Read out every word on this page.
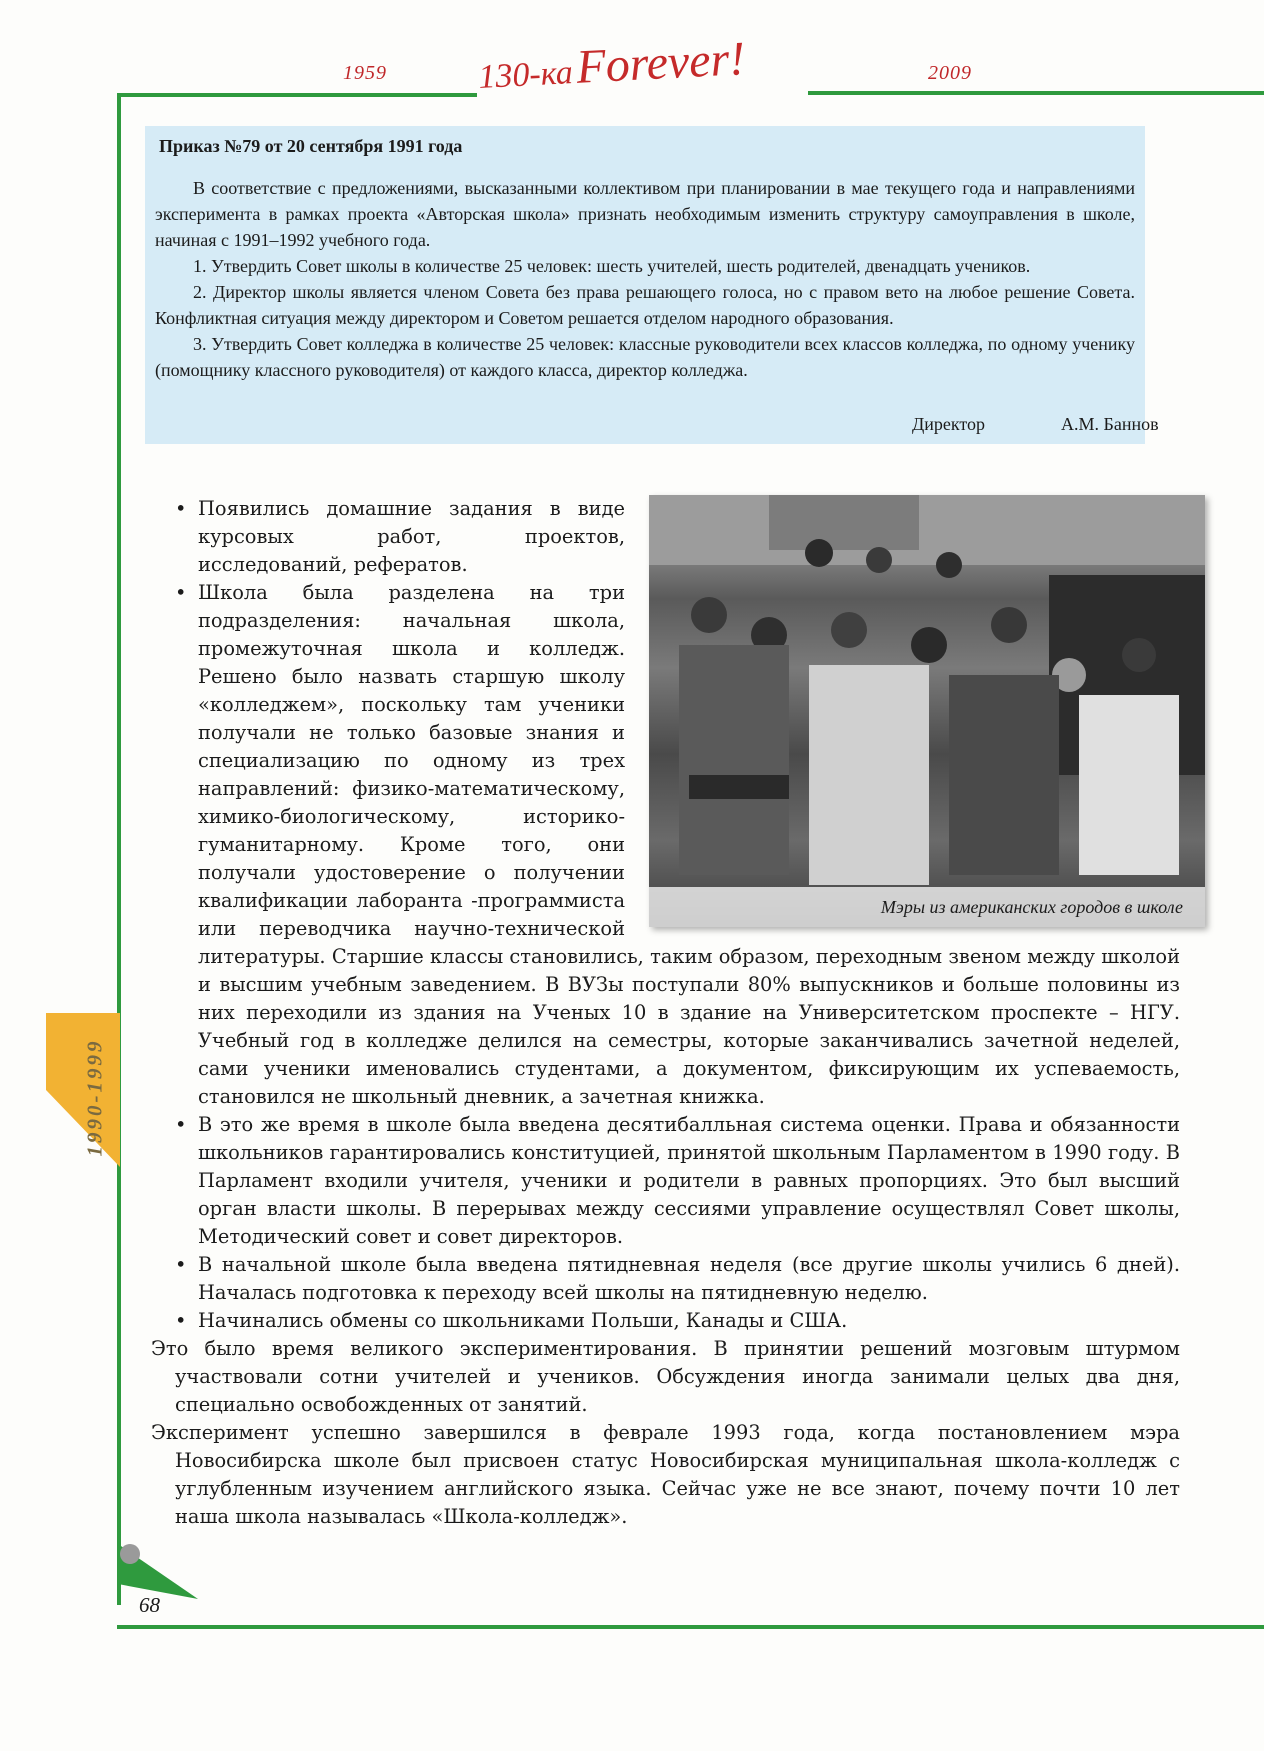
1959	130-ка Forever!	2009
Приказ №79 от 20 сентября 1991 года

В соответствие с предложениями, высказанными коллективом при планировании в мае текущего года и направлениями эксперимента в рамках проекта «Авторская школа» признать необходимым изменить структуру самоуправления в школе, начиная с 1991–1992 учебного года.

1. Утвердить Совет школы в количестве 25 человек: шесть учителей, шесть родителей, двенадцать учеников.

2. Директор школы является членом Совета без права решающего голоса, но с правом вето на любое решение Совета. Конфликтная ситуация между директором и Советом решается отделом народного образования.

3. Утвердить Совет колледжа в количестве 25 человек: классные руководители всех классов колледжа, по одному ученику (помощнику классного руководителя) от каждого класса, директор колледжа.

Директор	А.М. Баннов
Мэры из американских городов в школе
• Появились домашние задания в виде курсовых работ, проектов, исследований, рефератов.
• Школа была разделена на три подразделения: начальная школа, промежуточная школа и колледж. Решено было назвать старшую школу «колледжем», поскольку там ученики получали не только базовые знания и специализацию по одному из трех направлений: физико-математическому, химико-биологическому, историко-гуманитарному. Кроме того, они получали удостоверение о получении квалификации лаборанта -программиста или переводчика научно-технической литературы. Старшие классы становились, таким образом, переходным звеном между школой и высшим учебным заведением. В ВУЗы поступали 80% выпускников и больше половины из них переходили из здания на Ученых 10 в здание на Университетском проспекте – НГУ. Учебный год в колледже делился на семестры, которые заканчивались зачетной неделей, сами ученики именовались студентами, а документом, фиксирующим их успеваемость, становился не школьный дневник, а зачетная книжка.
• В это же время в школе была введена десятибалльная система оценки. Права и обязанности школьников гарантировались конституцией, принятой школьным Парламентом в 1990 году. В Парламент входили учителя, ученики и родители в равных пропорциях. Это был высший орган власти школы. В перерывах между сессиями управление осуществлял Совет школы, Методический совет и совет директоров.
• В начальной школе была введена пятидневная неделя (все другие школы учились 6 дней). Началась подготовка к переходу всей школы на пятидневную неделю.
• Начинались обмены со школьниками Польши, Канады и США.

Это было время великого экспериментирования. В принятии решений мозговым штурмом участвовали сотни учителей и учеников. Обсуждения иногда занимали целых два дня, специально освобожденных от занятий.

Эксперимент успешно завершился в феврале 1993 года, когда постановлением мэра Новосибирска школе был присвоен статус Новосибирская муниципальная школа-колледж с углубленным изучением английского языка. Сейчас уже не все знают, почему почти 10 лет наша школа называлась «Школа-колледж».

1990-1999
68
